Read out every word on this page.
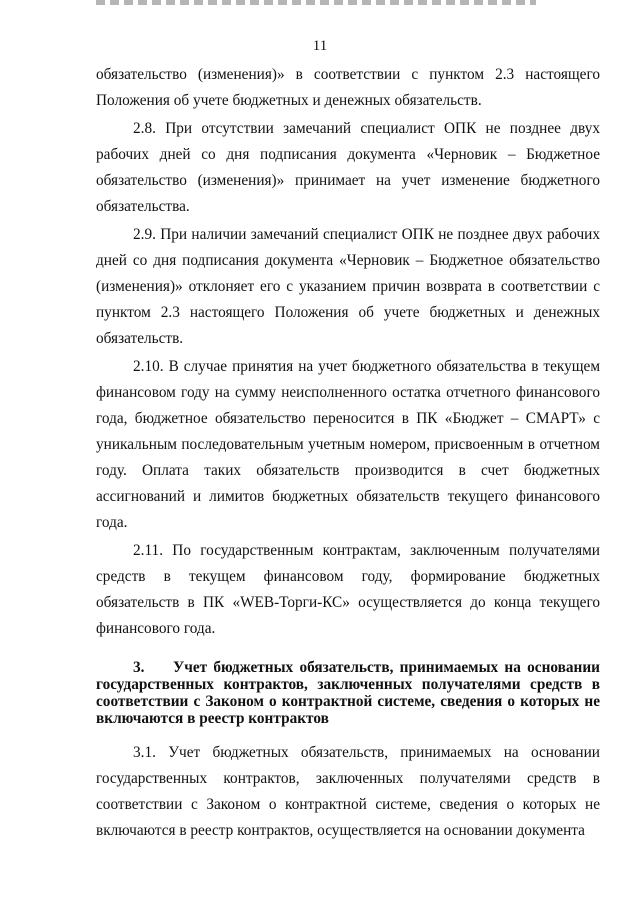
11

обязательство (изменения)» в соответствии с пунктом 2.3 настоящего Положения об учете бюджетных и денежных обязательств.

2.8. При отсутствии замечаний специалист ОПК не позднее двух рабочих дней со дня подписания документа «Черновик – Бюджетное обязательство (изменения)» принимает на учет изменение бюджетного обязательства.

2.9. При наличии замечаний специалист ОПК не позднее двух рабочих дней со дня подписания документа «Черновик – Бюджетное обязательство (изменения)» отклоняет его с указанием причин возврата в соответствии с пунктом 2.3 настоящего Положения об учете бюджетных и денежных обязательств.

2.10. В случае принятия на учет бюджетного обязательства в текущем финансовом году на сумму неисполненного остатка отчетного финансового года, бюджетное обязательство переносится в ПК «Бюджет – СМАРТ» с уникальным последовательным учетным номером, присвоенным в отчетном году. Оплата таких обязательств производится в счет бюджетных ассигнований и лимитов бюджетных обязательств текущего финансового года.

2.11. По государственным контрактам, заключенным получателями средств в текущем финансовом году, формирование бюджетных обязательств в ПК «WEB-Торги-КС» осуществляется до конца текущего финансового года.

3. Учет бюджетных обязательств, принимаемых на основании государственных контрактов, заключенных получателями средств в соответствии с Законом о контрактной системе, сведения о которых не включаются в реестр контрактов

3.1. Учет бюджетных обязательств, принимаемых на основании государственных контрактов, заключенных получателями средств в соответствии с Законом о контрактной системе, сведения о которых не включаются в реестр контрактов, осуществляется на основании документа
